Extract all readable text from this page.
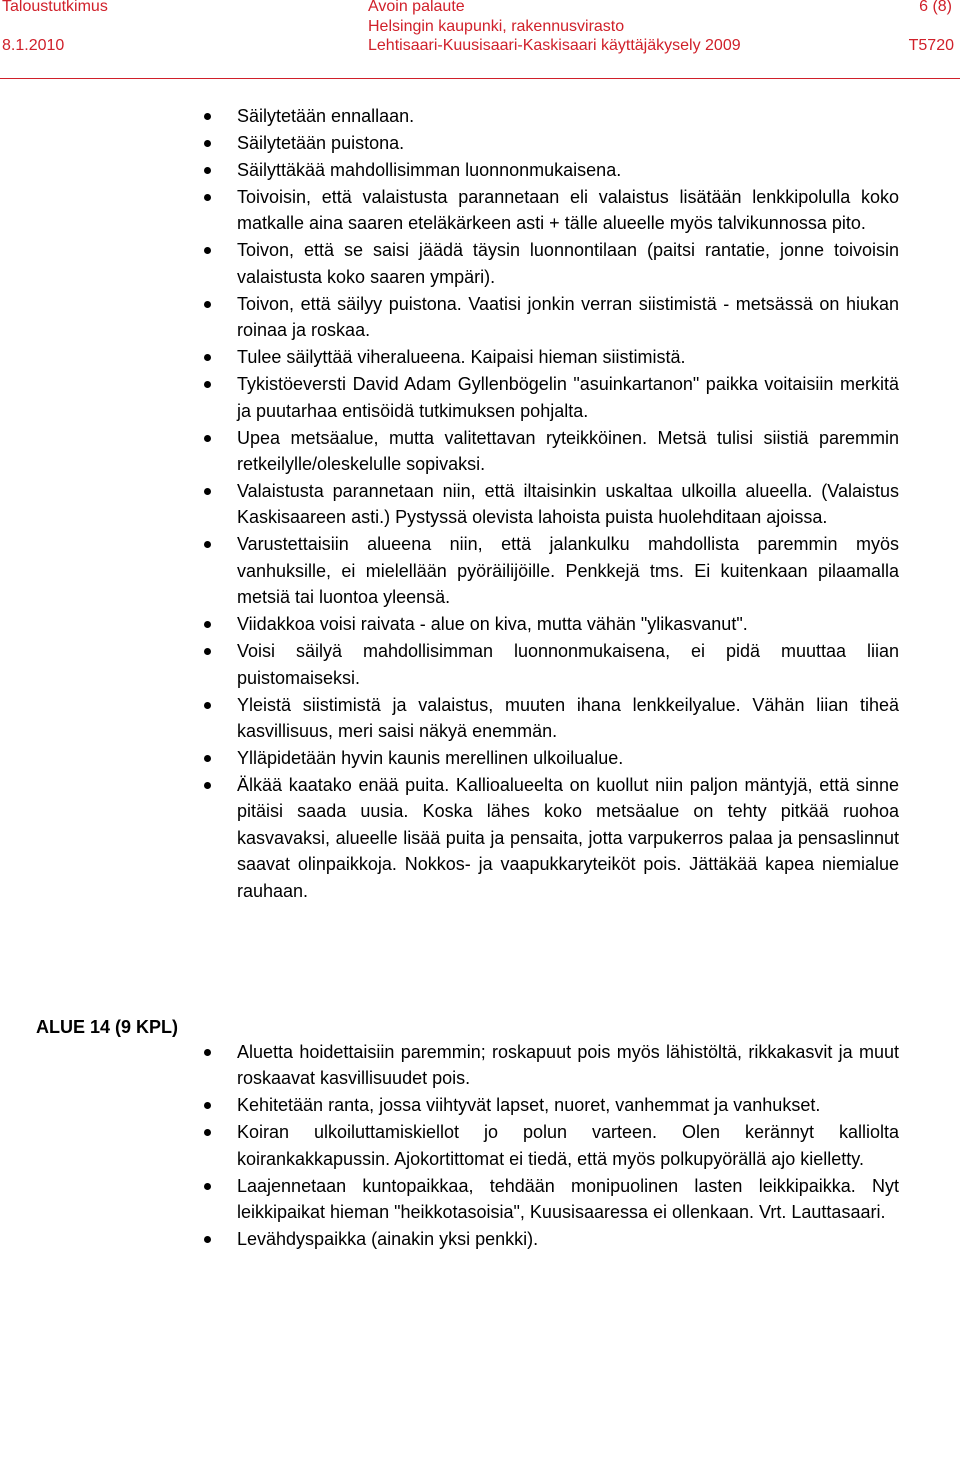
Taloustutkimus
8.1.2010
Avoin palaute
Helsingin kaupunki, rakennusvirasto
Lehtisaari-Kuusisaari-Kaskisaari käyttäjäkysely 2009
6 (8)
T5720
Säilytetään ennallaan.
Säilytetään puistona.
Säilyttäkää mahdollisimman luonnonmukaisena.
Toivoisin, että valaistusta parannetaan eli valaistus lisätään lenkkipolulla koko matkalle aina saaren eteläkärkeen asti + tälle alueelle myös talvikunnossa pito.
Toivon, että se saisi jäädä täysin luonnontilaan (paitsi rantatie, jonne toivoisin valaistusta koko saaren ympäri).
Toivon, että säilyy puistona. Vaatisi jonkin verran siistimistä - metsässä on hiukan roinaa ja roskaa.
Tulee säilyttää viheralueena. Kaipaisi hieman siistimistä.
Tykistöeversti David Adam Gyllenbögelin "asuinkartanon" paikka voitaisiin merkitä ja puutarhaa entisöidä tutkimuksen pohjalta.
Upea metsäalue, mutta valitettavan ryteikköinen. Metsä tulisi siistiä paremmin retkeilylle/oleskelulle sopivaksi.
Valaistusta parannetaan niin, että iltaisinkin uskaltaa ulkoilla alueella. (Valaistus Kaskisaareen asti.) Pystyssä olevista lahoista puista huolehditaan ajoissa.
Varustettaisiin alueena niin, että jalankulku mahdollista paremmin myös vanhuksille, ei mielellään pyöräilijöille. Penkkejä tms. Ei kuitenkaan pilaamalla metsiä tai luontoa yleensä.
Viidakkoa voisi raivata - alue on kiva, mutta vähän "ylikasvanut".
Voisi säilyä mahdollisimman luonnonmukaisena, ei pidä muuttaa liian puistomaiseksi.
Yleistä siistimistä ja valaistus, muuten ihana lenkkeilyalue. Vähän liian tiheä kasvillisuus, meri saisi näkyä enemmän.
Ylläpidetään hyvin kaunis merellinen ulkoilualue.
Älkää kaatako enää puita. Kallioalueelta on kuollut niin paljon mäntyjä, että sinne pitäisi saada uusia. Koska lähes koko metsäalue on tehty pitkää ruohoa kasvavaksi, alueelle lisää puita ja pensaita, jotta varpukerros palaa ja pensaslinnut saavat olinpaikkoja. Nokkos- ja vaapukkaryteiköt pois. Jättäkää kapea niemialue rauhaan.
ALUE 14 (9 KPL)
Aluetta hoidettaisiin paremmin; roskapuut pois myös lähistöltä, rikkakasvit ja muut roskaavat kasvillisuudet pois.
Kehitetään ranta, jossa viihtyvät lapset, nuoret, vanhemmat ja vanhukset.
Koiran ulkoiluttamiskiellot jo polun varteen. Olen kerännyt kalliolta koirankakkapussin. Ajokortittomat ei tiedä, että myös polkupyörällä ajo kielletty.
Laajennetaan kuntopaikkaa, tehdään monipuolinen lasten leikkipaikka. Nyt leikkipaikat hieman "heikkotasoisia", Kuusisaaressa ei ollenkaan. Vrt. Lauttasaari.
Levähdyspaikka (ainakin yksi penkki).
